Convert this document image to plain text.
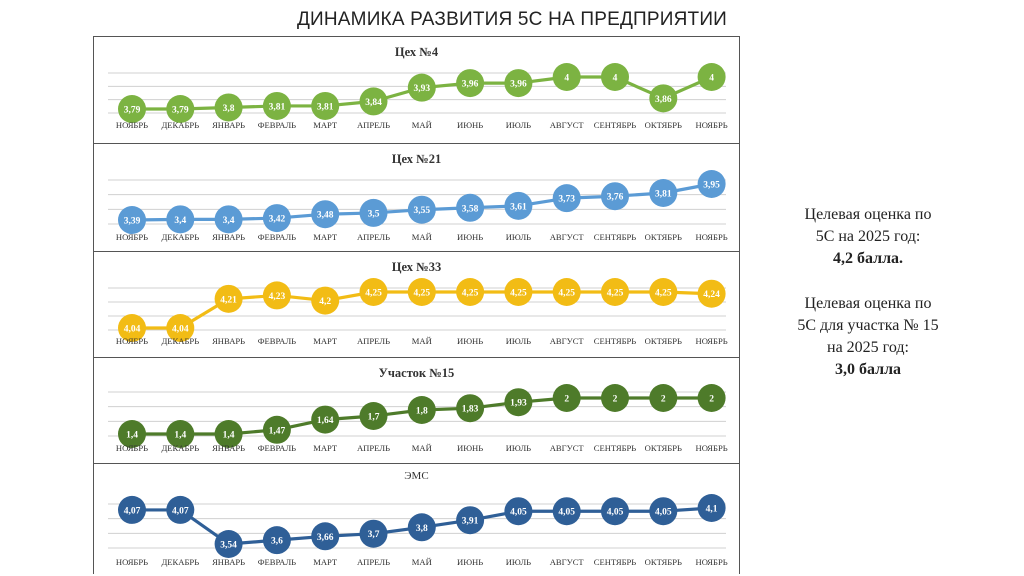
ДИНАМИКА РАЗВИТИЯ 5С НА ПРЕДПРИЯТИИ
3,79	3,79	3,8	3,81	3,81	3,84
3,93	3,96	3,96
4	4
3,86
4
НОЯБРЬ ДЕКАБРЬ ЯНВАРЬ ФЕВРАЛЬ МАРТ АПРЕЛЬ	МАЙ	ИЮНЬ	ИЮЛЬ АВГУСТ СЕНТЯБРЬ ОКТЯБРЬ НОЯБРЬ
Цех №4
3,39	3,4	3,4	3,42	3,48	3,5	3,55	3,58	3,61
3,73	3,76	3,81
3,95
НОЯБРЬ ДЕКАБРЬ ЯНВАРЬ ФЕВРАЛЬ МАРТ АПРЕЛЬ	МАЙ	ИЮНЬ	ИЮЛЬ АВГУСТ СЕНТЯБРЬ ОКТЯБРЬ НОЯБРЬ
Цех №21
4,04	4,04
4,21	4,23
4,2
4,25	4,25	4,25	4,25	4,25	4,25	4,25	4,24
НОЯБРЬ ДЕКАБРЬ ЯНВАРЬ ФЕВРАЛЬ МАРТ АПРЕЛЬ	МАЙ	ИЮНЬ	ИЮЛЬ АВГУСТ СЕНТЯБРЬ ОКТЯБРЬ НОЯБРЬ
Цех №33
1,4	1,4	1,4	1,47
1,64	1,7
1,8	1,83
1,93	2	2	2	2
НОЯБРЬ ДЕКАБРЬ ЯНВАРЬ ФЕВРАЛЬ МАРТ АПРЕЛЬ	МАЙ	ИЮНЬ	ИЮЛЬ АВГУСТ СЕНТЯБРЬ ОКТЯБРЬ НОЯБРЬ
Участок №15
4,07	4,07
3,54	3,6	3,66	3,7
3,8
3,91
4,05	4,05	4,05	4,05	4,1
НОЯБРЬ ДЕКАБРЬ ЯНВАРЬ ФЕВРАЛЬ МАРТ АПРЕЛЬ	МАЙ	ИЮНЬ	ИЮЛЬ АВГУСТ СЕНТЯБРЬ ОКТЯБРЬ НОЯБРЬ
ЭМС
Целевая оценка по
5С на 2025 год:
4,2 балла.
Целевая оценка по
5С для участка № 15
на 2025 год:
3,0 балла
